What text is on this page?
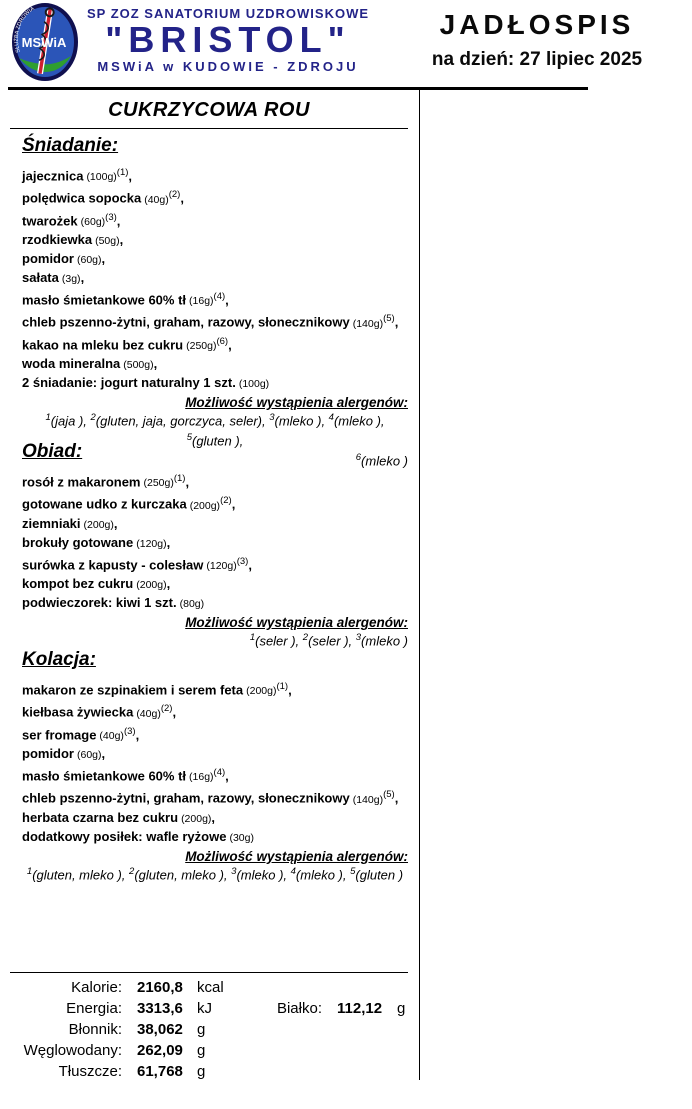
SŁUŻBA ZDROWIA
MSWiA
SP ZOZ SANATORIUM UZDROWISKOWE
"BRISTOL"
MSWiA w KUDOWIE - ZDROJU
JADŁOSPIS
na dzień: 27 lipiec 2025
CUKRZYCOWA ROU
Śniadanie:
jajecznica (100g)$^{(1)}$,
polędwica sopocka (40g)$^{(2)}$,
twarożek (60g)$^{(3)}$,
rzodkiewka (50g),
pomidor (60g),
sałata (3g),
masło śmietankowe 60% tł (16g)$^{(4)}$,
chleb pszenno-żytni, graham, razowy, słonecznikowy (140g)$^{(5)}$,
kakao na mleku bez cukru (250g)$^{(6)}$,
woda mineralna (500g),
2 śniadanie: jogurt naturalny 1 szt. (100g)
Możliwość wystąpienia alergenów:
$^1$(jaja ), $^2$(gluten, jaja, gorczyca, seler), $^3$(mleko ), $^4$(mleko ), $^5$(gluten ),
$^6$(mleko )
Obiad:
rosół z makaronem (250g)$^{(1)}$,
gotowane udko z kurczaka (200g)$^{(2)}$,
ziemniaki (200g),
brokuły gotowane (120g),
surówka z kapusty - colesław (120g)$^{(3)}$,
kompot bez cukru (200g),
podwieczorek: kiwi 1 szt. (80g)
Możliwość wystąpienia alergenów:
$^1$(seler ), $^2$(seler ), $^3$(mleko )
Kolacja:
makaron ze szpinakiem i serem feta (200g)$^{(1)}$,
kiełbasa żywiecka (40g)$^{(2)}$,
ser fromage (40g)$^{(3)}$,
pomidor (60g),
masło śmietankowe 60% tł (16g)$^{(4)}$,
chleb pszenno-żytni, graham, razowy, słonecznikowy (140g)$^{(5)}$,
herbata czarna bez cukru (200g),
dodatkowy posiłek: wafle ryżowe (30g)
Możliwość wystąpienia alergenów:
$^1$(gluten, mleko ), $^2$(gluten, mleko ), $^3$(mleko ), $^4$(mleko ), $^5$(gluten )
Kalorie: 2160,8 kcal
Energia: 3313,6 kJ
Błonnik: 38,062 g
Węglowodany: 262,09 g
Tłuszcze: 61,768 g
Białko: 112,12 g
